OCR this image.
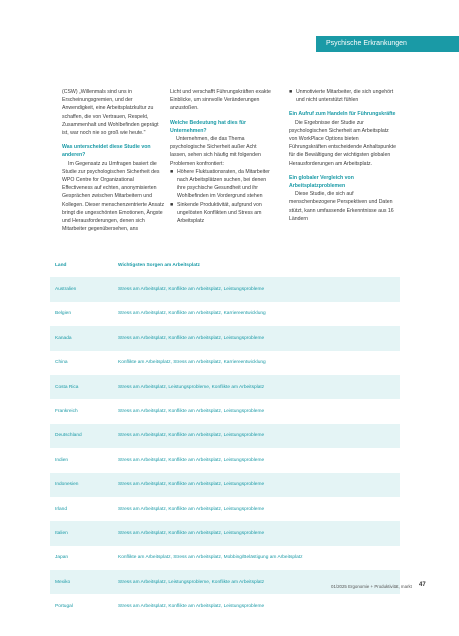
Psychische Erkrankungen

(CSW) „Willenmals sind uns in Erscheinungsgremien, und der Anwendigkeit, eine Arbeitsplatzkultur zu schaffen, die von Vertrauen, Respekt, Zusammenhalt und Wohlbefinden geprägt ist, war noch nie so groß wie heute."

Was unterscheidet diese Studie von anderen?

Im Gegensatz zu Umfragen basiert die Studie zur psychologischen Sicherheit des WPO Centre for Organizational Effectiveness auf echten, anonymisierten Gesprächen zwischen Mitarbeitern und Kollegen. Dieser menschenzentrierte Ansatz bringt die ungeschönten Emotionen, Ängste und Herausforderungen, denen sich Mitarbeiter gegenübersehen, ans

Licht und verschafft Führungskräften exakte Einblicke, um sinnvolle Veränderungen anzustoßen.

Welche Bedeutung hat dies für Unternehmen?

Unternehmen, die das Thema psychologische Sicherheit außer Acht lassen, sehen sich häufig mit folgenden Problemen konfrontiert:

■ Höhere Fluktuationsraten, da Mitarbeiter nach Arbeitsplätzen suchen, bei denen ihre psychische Gesundheit und ihr Wohlbefinden im Vordergrund stehen
■ Sinkende Produktivität, aufgrund von ungelösten Konflikten und Stress am Arbeitsplatz
■ Unmotivierte Mitarbeiter, die sich ungehört und nicht unterstützt fühlen

Ein Aufruf zum Handeln für Führungskräfte

Die Ergebnisse der Studie zur psychologischen Sicherheit am Arbeitsplatz von WorkPlace Options bieten Führungskräften entscheidende Anhaltspunkte für die Bewältigung der wichtigsten globalen Herausforderungen am Arbeitsplatz.

Ein globaler Vergleich von Arbeitsplatzproblemen

Diese Studie, die sich auf menschenbezogene Perspektiven und Daten stützt, kann umfassende Erkenntnisse aus 16 Ländern

Land	Wichtigsten Sorgen am Arbeitsplatz
Australien	Stress am Arbeitsplatz, Konflikte am Arbeitsplatz, Leistungsprobleme
Belgien	Stress am Arbeitsplatz, Konflikte am Arbeitsplatz, Karriereentwicklung
Kanada	Stress am Arbeitsplatz, Konflikte am Arbeitsplatz, Leistungsprobleme
China	Konflikte am Arbeitsplatz, Stress am Arbeitsplatz, Karriereentwicklung
Costa Rica	Stress am Arbeitsplatz, Leistungsprobleme, Konflikte am Arbeitsplatz
Frankreich	Stress am Arbeitsplatz, Konflikte am Arbeitsplatz, Leistungsprobleme
Deutschland	Stress am Arbeitsplatz, Konflikte am Arbeitsplatz, Leistungsprobleme
Indien	Stress am Arbeitsplatz, Konflikte am Arbeitsplatz, Leistungsprobleme
Indonesien	Stress am Arbeitsplatz, Konflikte am Arbeitsplatz, Leistungsprobleme
Irland	Stress am Arbeitsplatz, Konflikte am Arbeitsplatz, Leistungsprobleme
Italien	Stress am Arbeitsplatz, Konflikte am Arbeitsplatz, Leistungsprobleme
Japan	Konflikte am Arbeitsplatz, Stress am Arbeitsplatz, Mobbing/Belästigung am Arbeitsplatz
Mexiko	Stress am Arbeitsplatz, Leistungsprobleme, Konflikte am Arbeitsplatz
Portugal	Stress am Arbeitsplatz, Konflikte am Arbeitsplatz, Leistungsprobleme
01/2025 Ergonomie + Produktivität, markt	47
